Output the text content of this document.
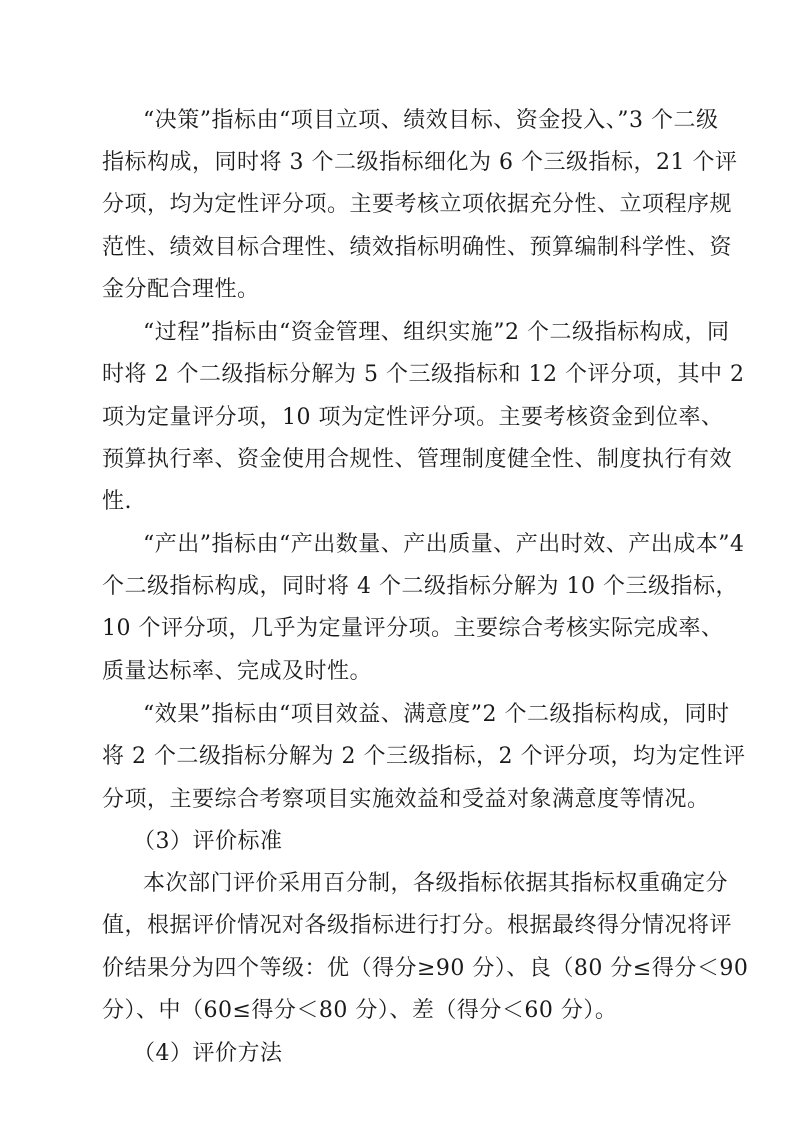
“决策”指标由“项目立项、绩效目标、资金投入、”3 个二级
指标构成，同时将 3 个二级指标细化为 6 个三级指标，21 个评
分项，均为定性评分项。主要考核立项依据充分性、立项程序规
范性、绩效目标合理性、绩效指标明确性、预算编制科学性、资
金分配合理性。
“过程”指标由“资金管理、组织实施”2 个二级指标构成，同
时将 2 个二级指标分解为 5 个三级指标和 12 个评分项，其中 2
项为定量评分项，10 项为定性评分项。主要考核资金到位率、
预算执行率、资金使用合规性、管理制度健全性、制度执行有效
性.
“产出”指标由“产出数量、产出质量、产出时效、产出成本”4
个二级指标构成，同时将 4 个二级指标分解为 10 个三级指标，
10 个评分项，几乎为定量评分项。主要综合考核实际完成率、
质量达标率、完成及时性。
“效果”指标由“项目效益、满意度”2 个二级指标构成，同时
将 2 个二级指标分解为 2 个三级指标，2 个评分项，均为定性评
分项，主要综合考察项目实施效益和受益对象满意度等情况。
（3）评价标准
本次部门评价采用百分制，各级指标依据其指标权重确定分
值，根据评价情况对各级指标进行打分。根据最终得分情况将评
价结果分为四个等级：优（得分≥90 分）、良（80 分≤得分＜90
分）、中（60≤得分＜80 分）、差（得分＜60 分）。
（4）评价方法
